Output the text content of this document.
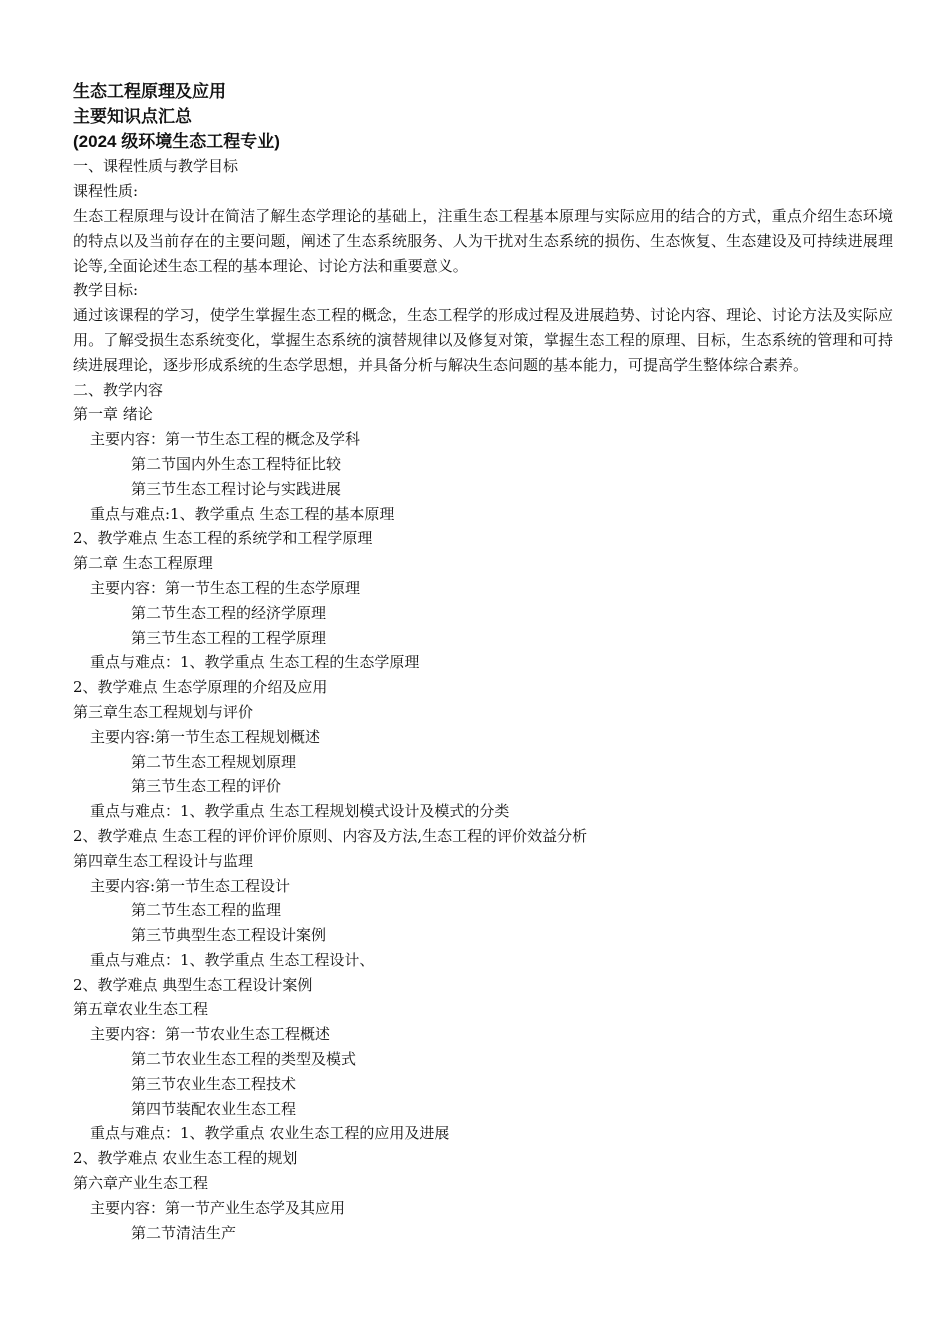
生态工程原理及应用
主要知识点汇总
(2024 级环境生态工程专业)
一、课程性质与教学目标
课程性质:
生态工程原理与设计在简洁了解生态学理论的基础上，注重生态工程基本原理与实际应用的结合的方式，重点介绍生态环境的特点以及当前存在的主要问题，阐述了生态系统服务、人为干扰对生态系统的损伤、生态恢复、生态建设及可持续进展理论等,全面论述生态工程的基本理论、讨论方法和重要意义。
教学目标:
通过该课程的学习，使学生掌握生态工程的概念，生态工程学的形成过程及进展趋势、讨论内容、理论、讨论方法及实际应用。了解受损生态系统变化，掌握生态系统的演替规律以及修复对策，掌握生态工程的原理、目标，生态系统的管理和可持续进展理论，逐步形成系统的生态学思想，并具备分析与解决生态问题的基本能力，可提高学生整体综合素养。
二、教学内容
第一章 绪论
主要内容：第一节生态工程的概念及学科
第二节国内外生态工程特征比较
第三节生态工程讨论与实践进展
重点与难点:1、教学重点 生态工程的基本原理
2、教学难点 生态工程的系统学和工程学原理
第二章 生态工程原理
主要内容：第一节生态工程的生态学原理
第二节生态工程的经济学原理
第三节生态工程的工程学原理
重点与难点：1、教学重点 生态工程的生态学原理
2、教学难点 生态学原理的介绍及应用
第三章生态工程规划与评价
主要内容:第一节生态工程规划概述
第二节生态工程规划原理
第三节生态工程的评价
重点与难点：1、教学重点 生态工程规划模式设计及模式的分类
2、教学难点 生态工程的评价评价原则、内容及方法,生态工程的评价效益分析
第四章生态工程设计与监理
主要内容:第一节生态工程设计
第二节生态工程的监理
第三节典型生态工程设计案例
重点与难点：1、教学重点 生态工程设计、
2、教学难点 典型生态工程设计案例
第五章农业生态工程
主要内容：第一节农业生态工程概述
第二节农业生态工程的类型及模式
第三节农业生态工程技术
第四节装配农业生态工程
重点与难点：1、教学重点 农业生态工程的应用及进展
2、教学难点 农业生态工程的规划
第六章产业生态工程
主要内容：第一节产业生态学及其应用
第二节清洁生产
